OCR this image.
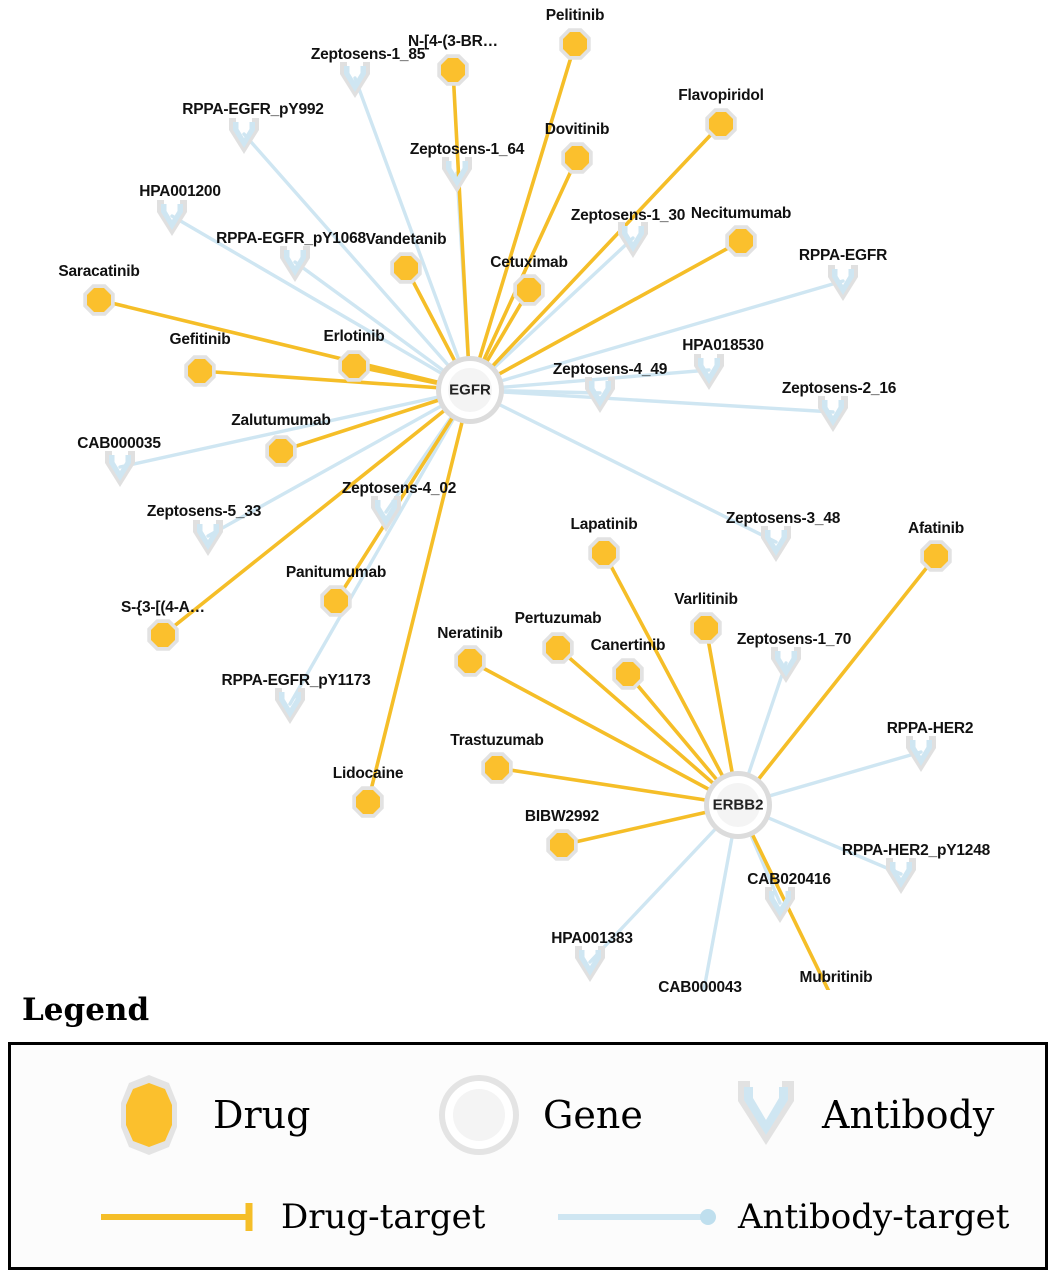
Zeptosens-1_85
RPPA-EGFR_pY992
Zeptosens-1_64
HPA001200
Zeptosens-1_30
RPPA-EGFR_pY1068
RPPA-EGFR
HPA018530
Zeptosens-4_49
Zeptosens-2_16
CAB000035
Zeptosens-4_02
Zeptosens-5_33	Zeptosens-3_48
Zeptosens-1_70
RPPA-EGFR_pY1173
RPPA-HER2
RPPA-HER2_pY1248
CAB020416
HPA001383
CAB000043
Pelitinib
N-[4-(3-BR…
Flavopiridol
Dovitinib
Necitumumab
Vandetanib
Cetuximab
Saracatinib
Erlotinib
Gefitinib
Zalutumumab
Afatinib
Lapatinib
Varlitinib
Panitumumab
S-{3-[(4-A…
Pertuzumab
Neratinib
Canertinib
Trastuzumab
Lidocaine
BIBW2992
Mubritinib
EGFR
ERBB2
Legend
Drug	Gene	Antibody
Drug-target	Antibody-target
